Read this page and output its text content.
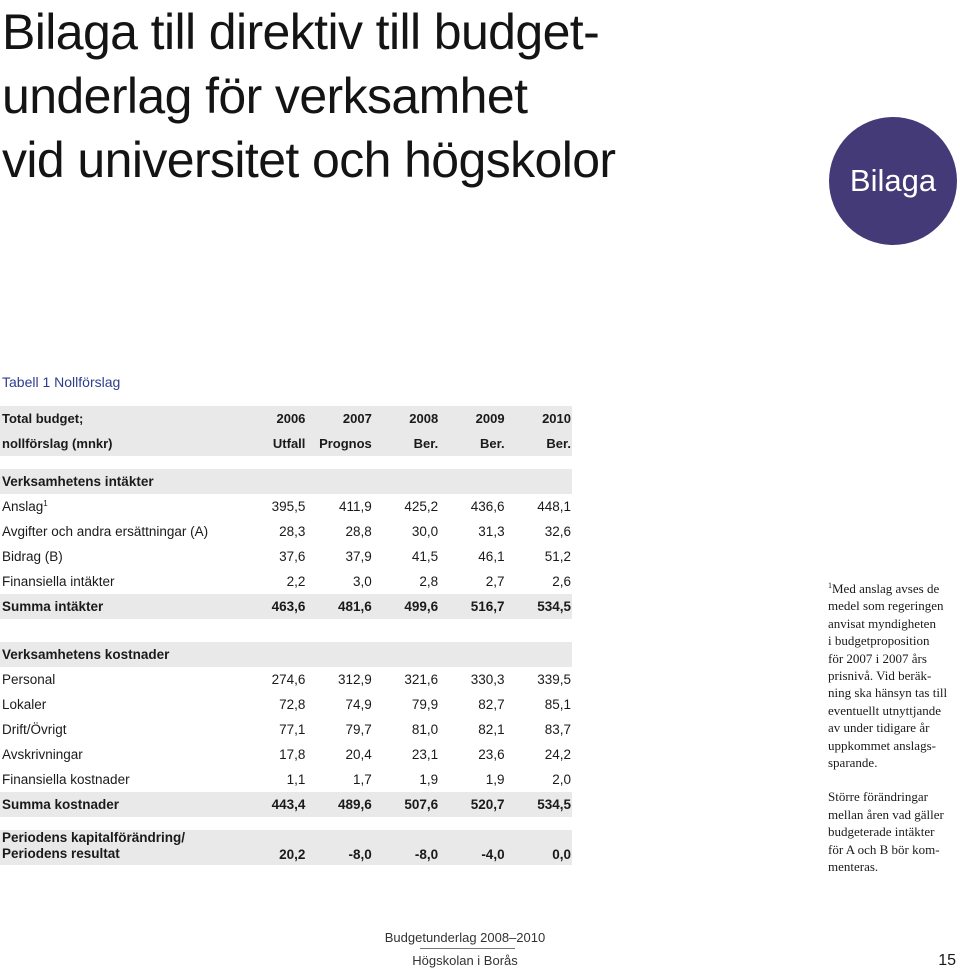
Bilaga till direktiv till budget-
underlag för verksamhet
vid universitet och högskolor	Bilaga

Tabell 1 Nollförslag

Total budget;	2006	2007	2008	2009	2010
nollförslag (mnkr)	Utfall	Prognos	Ber.	Ber.	Ber.

Verksamhetens intäkter					
Anslag$^1$	395,5	411,9	425,2	436,6	448,1
Avgifter och andra ersättningar (A)	28,3	28,8	30,0	31,3	32,6
Bidrag (B)	37,6	37,9	41,5	46,1	51,2
Finansiella intäkter	2,2	3,0	2,8	2,7	2,6
Summa intäkter	463,6	481,6	499,6	516,7	534,5

Verksamhetens kostnader					
Personal	274,6	312,9	321,6	330,3	339,5
Lokaler	72,8	74,9	79,9	82,7	85,1
Drift/Övrigt	77,1	79,7	81,0	82,1	83,7
Avskrivningar	17,8	20,4	23,1	23,6	24,2
Finansiella kostnader	1,1	1,7	1,9	1,9	2,0
Summa kostnader	443,4	489,6	507,6	520,7	534,5

Periodens kapitalförändring/
Periodens resultat	20,2	-8,0	-8,0	-4,0	0,0

$^1$Med anslag avses de
medel som regeringen
anvisat myndigheten
i budgetproposition
för 2007 i 2007 års
prisnivå. Vid beräk-
ning ska hänsyn tas till
eventuellt utnyttjande
av under tidigare år
uppkommet anslags-
sparande.

Större förändringar
mellan åren vad gäller
budgeterade intäkter
för A och B bör kom-
menteras.

Budgetunderlag 2008–2010
Högskolan i Borås	15
